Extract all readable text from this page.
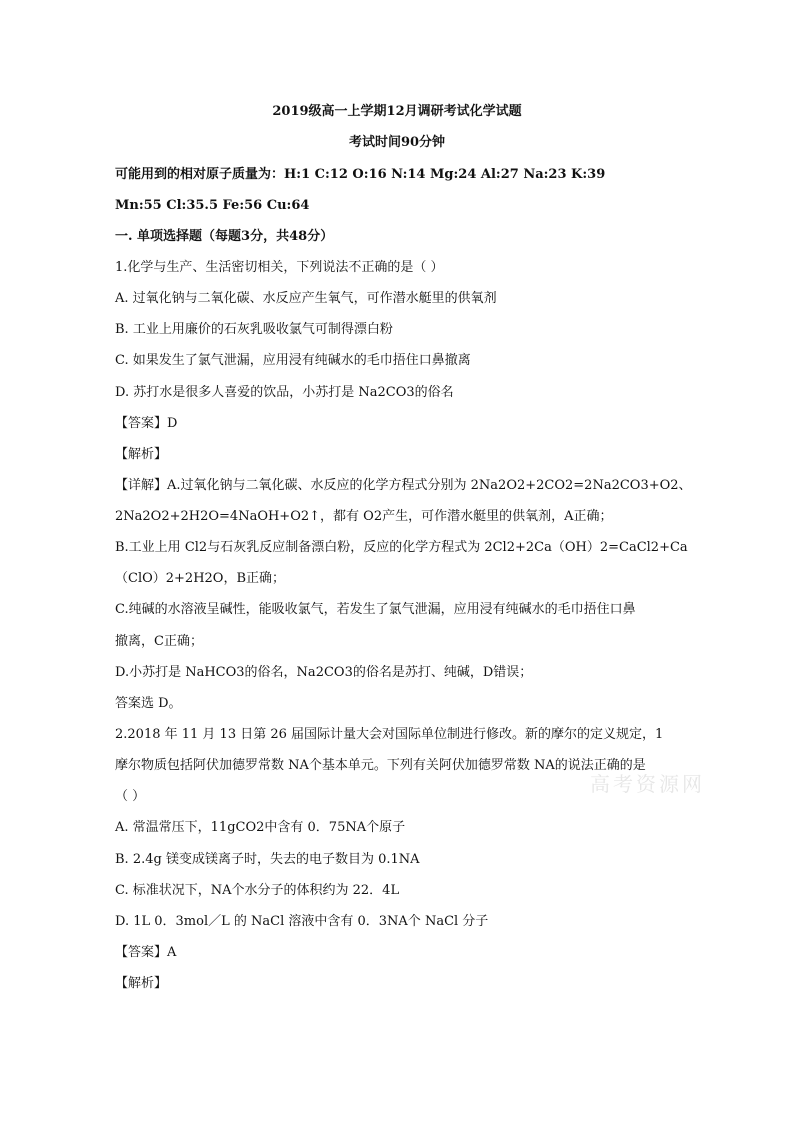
2019级高一上学期12月调研考试化学试题
考试时间90分钟
可能用到的相对原子质量为：H:1 C:12 O:16 N:14 Mg:24 Al:27 Na:23 K:39
Mn:55 Cl:35.5 Fe:56 Cu:64
一. 单项选择题（每题3分，共48分）
1.化学与生产、生活密切相关，下列说法不正确的是（ ）
A. 过氧化钠与二氧化碳、水反应产生氧气，可作潜水艇里的供氧剂
B. 工业上用廉价的石灰乳吸收氯气可制得漂白粉
C. 如果发生了氯气泄漏，应用浸有纯碱水的毛巾捂住口鼻撤离
D. 苏打水是很多人喜爱的饮品，小苏打是 Na2CO3的俗名
【答案】D
【解析】
【详解】A.过氧化钠与二氧化碳、水反应的化学方程式分别为 2Na2O2+2CO2=2Na2CO3+O2、
2Na2O2+2H2O=4NaOH+O2↑，都有 O2产生，可作潜水艇里的供氧剂，A正确；
B.工业上用 Cl2与石灰乳反应制备漂白粉，反应的化学方程式为 2Cl2+2Ca（OH）2=CaCl2+Ca
（ClO）2+2H2O，B正确；
C.纯碱的水溶液呈碱性，能吸收氯气，若发生了氯气泄漏，应用浸有纯碱水的毛巾捂住口鼻
撤离，C正确；
D.小苏打是 NaHCO3的俗名，Na2CO3的俗名是苏打、纯碱，D错误；
答案选 D。
2.2018 年 11 月 13 日第 26 届国际计量大会对国际单位制进行修改。新的摩尔的定义规定，1
摩尔物质包括阿伏加德罗常数 NA个基本单元。下列有关阿伏加德罗常数 NA的说法正确的是
（ ）
A. 常温常压下，11gCO2中含有 0．75NA个原子
B. 2.4g 镁变成镁离子时，失去的电子数目为 0.1NA
C. 标准状况下，NA个水分子的体积约为 22．4L
D. 1L 0．3mol／L 的 NaCl 溶液中含有 0．3NA个 NaCl 分子
【答案】A
【解析】
高考资源网
